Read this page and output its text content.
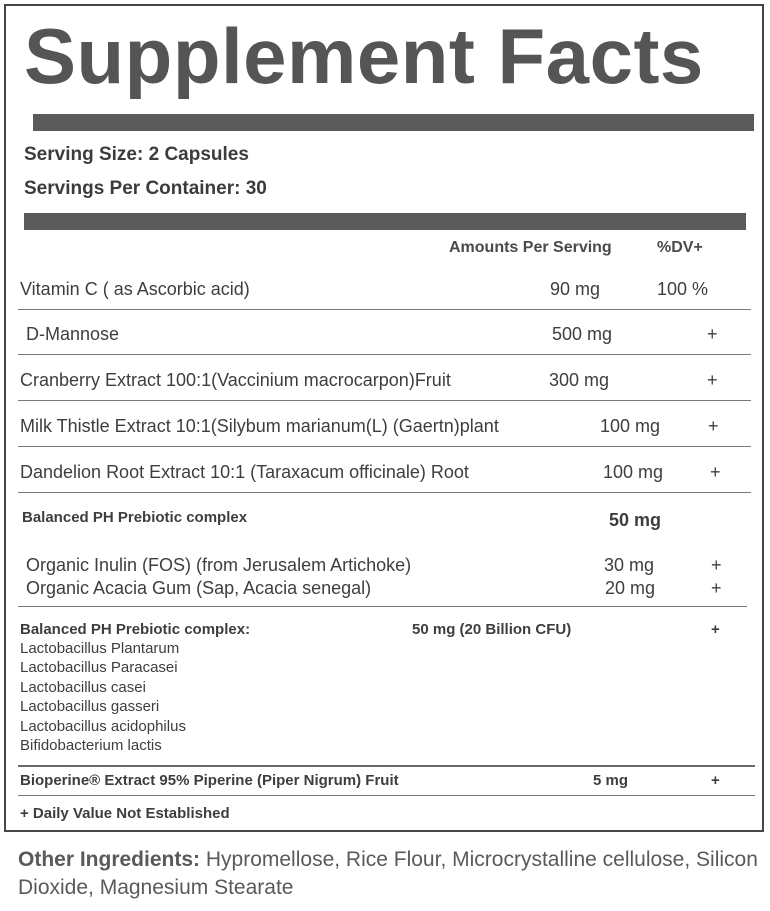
Supplement Facts
Serving Size: 2 Capsules
Servings Per Container: 30
Amounts Per Serving	%DV+
Vitamin C ( as Ascorbic acid)	90 mg	100 %
D-Mannose	500 mg	+
Cranberry Extract 100:1(Vaccinium macrocarpon)Fruit	300 mg	+
Milk Thistle Extract 10:1(Silybum marianum(L) (Gaertn)plant	100 mg	+
Dandelion Root Extract 10:1 (Taraxacum officinale) Root	100 mg	+
Balanced PH Prebiotic complex	50 mg
Organic Inulin (FOS) (from Jerusalem Artichoke)	30 mg	+
Organic Acacia Gum (Sap, Acacia senegal)	20 mg	+
Balanced PH Prebiotic complex:	50 mg (20 Billion CFU)	+
Lactobacillus Plantarum
Lactobacillus Paracasei
Lactobacillus casei
Lactobacillus gasseri
Lactobacillus acidophilus
Bifidobacterium lactis
Bioperine® Extract 95% Piperine (Piper Nigrum) Fruit	5 mg	+
+ Daily Value Not Established
Other Ingredients: Hypromellose, Rice Flour, Microcrystalline cellulose, Silicon Dioxide, Magnesium Stearate
